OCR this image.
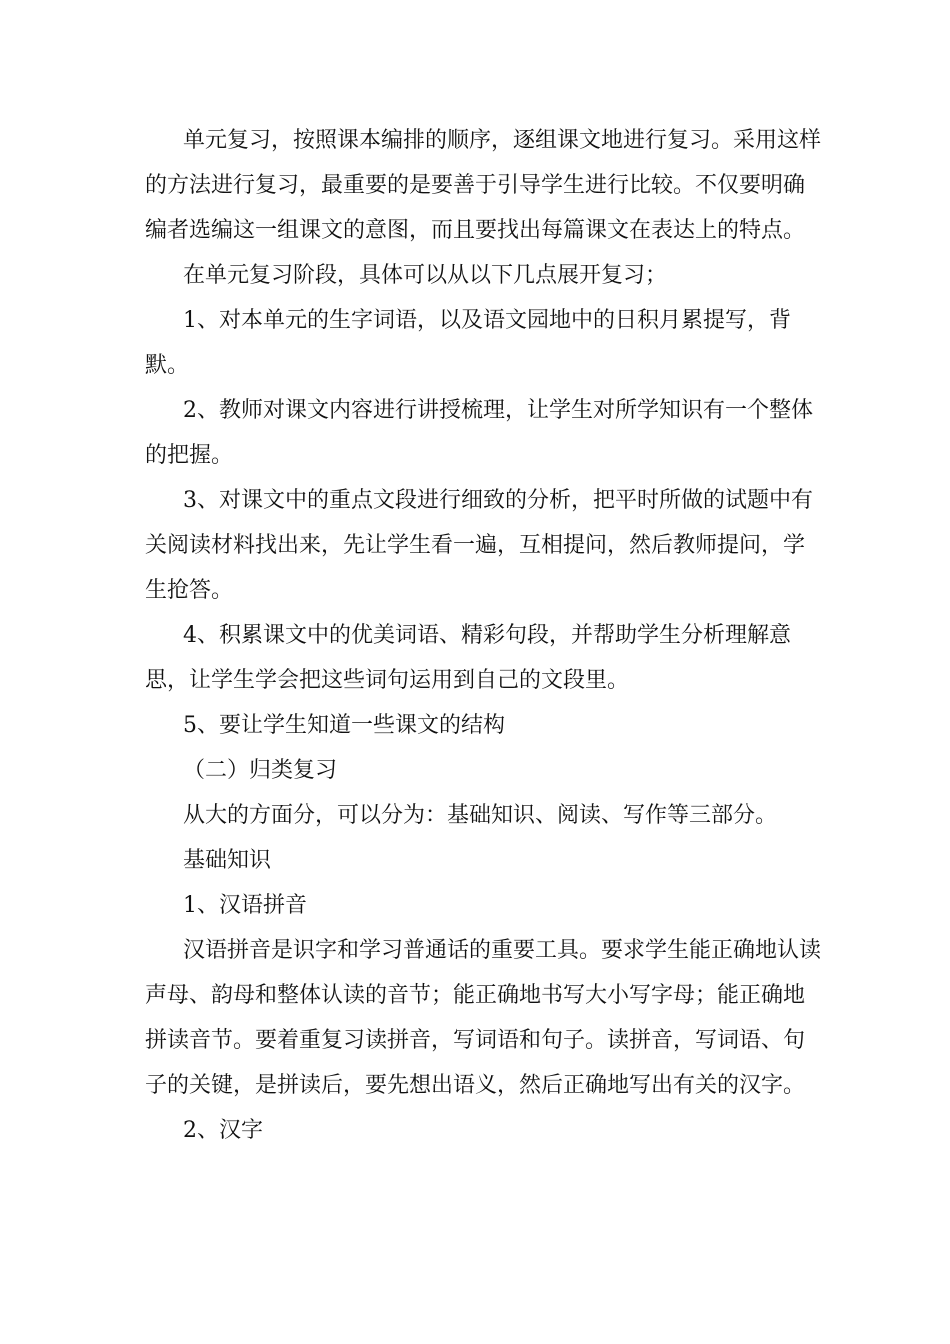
单元复习，按照课本编排的顺序，逐组课文地进行复习。采用这样的方法进行复习，最重要的是要善于引导学生进行比较。不仅要明确编者选编这一组课文的意图，而且要找出每篇课文在表达上的特点。

在单元复习阶段，具体可以从以下几点展开复习；

1、对本单元的生字词语，以及语文园地中的日积月累提写，背默。

2、教师对课文内容进行讲授梳理，让学生对所学知识有一个整体的把握。

3、对课文中的重点文段进行细致的分析，把平时所做的试题中有关阅读材料找出来，先让学生看一遍，互相提问，然后教师提问，学生抢答。

4、积累课文中的优美词语、精彩句段，并帮助学生分析理解意思，让学生学会把这些词句运用到自己的文段里。

5、要让学生知道一些课文的结构

（二）归类复习

从大的方面分，可以分为：基础知识、阅读、写作等三部分。

基础知识

1、汉语拼音

汉语拼音是识字和学习普通话的重要工具。要求学生能正确地认读声母、韵母和整体认读的音节；能正确地书写大小写字母；能正确地拼读音节。要着重复习读拼音，写词语和句子。读拼音，写词语、句子的关键，是拼读后，要先想出语义，然后正确地写出有关的汉字。

2、汉字
